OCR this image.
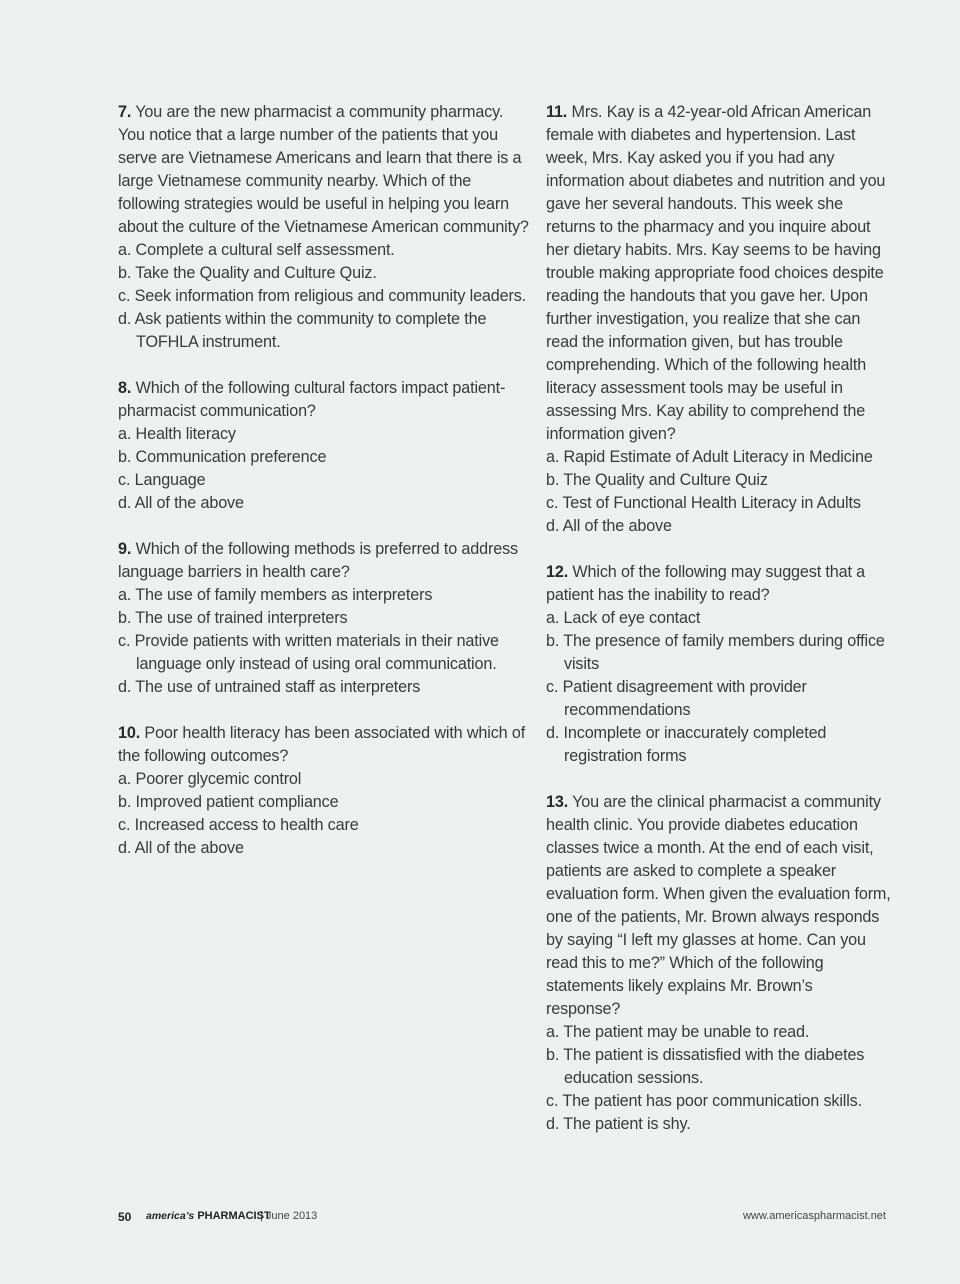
7. You are the new pharmacist a community pharmacy. You notice that a large number of the patients that you serve are Vietnamese Americans and learn that there is a large Vietnamese community nearby. Which of the following strategies would be useful in helping you learn about the culture of the Vietnamese American community?

a. Complete a cultural self assessment.

b. Take the Quality and Culture Quiz.

c. Seek information from religious and community leaders.

d. Ask patients within the community to complete the TOFHLA instrument.

8. Which of the following cultural factors impact patient-pharmacist communication?

a. Health literacy

b. Communication preference

c. Language

d. All of the above

9. Which of the following methods is preferred to address language barriers in health care?

a. The use of family members as interpreters

b. The use of trained interpreters

c. Provide patients with written materials in their native language only instead of using oral communication.

d. The use of untrained staff as interpreters

10. Poor health literacy has been associated with which of the following outcomes?

a. Poorer glycemic control

b. Improved patient compliance

c. Increased access to health care

d. All of the above

11. Mrs. Kay is a 42-year-old African American female with diabetes and hypertension. Last week, Mrs. Kay asked you if you had any information about diabetes and nutrition and you gave her several handouts. This week she returns to the pharmacy and you inquire about her dietary habits. Mrs. Kay seems to be having trouble making appropriate food choices despite reading the handouts that you gave her. Upon further investigation, you realize that she can read the information given, but has trouble comprehending. Which of the following health literacy assessment tools may be useful in assessing Mrs. Kay ability to comprehend the information given?

a. Rapid Estimate of Adult Literacy in Medicine

b. The Quality and Culture Quiz

c. Test of Functional Health Literacy in Adults

d. All of the above

12. Which of the following may suggest that a patient has the inability to read?

a. Lack of eye contact

b. The presence of family members during office visits

c. Patient disagreement with provider recommendations

d. Incomplete or inaccurately completed registration forms

13. You are the clinical pharmacist a community health clinic. You provide diabetes education classes twice a month. At the end of each visit, patients are asked to complete a speaker evaluation form. When given the evaluation form, one of the patients, Mr. Brown always responds by saying “I left my glasses at home. Can you read this to me?” Which of the following statements likely explains Mr. Brown’s response?

a. The patient may be unable to read.

b. The patient is dissatisfied with the diabetes education sessions.

c. The patient has poor communication skills.

d. The patient is shy.

50 america’s PHARMACIST
| June 2013	www.americaspharmacist.net
